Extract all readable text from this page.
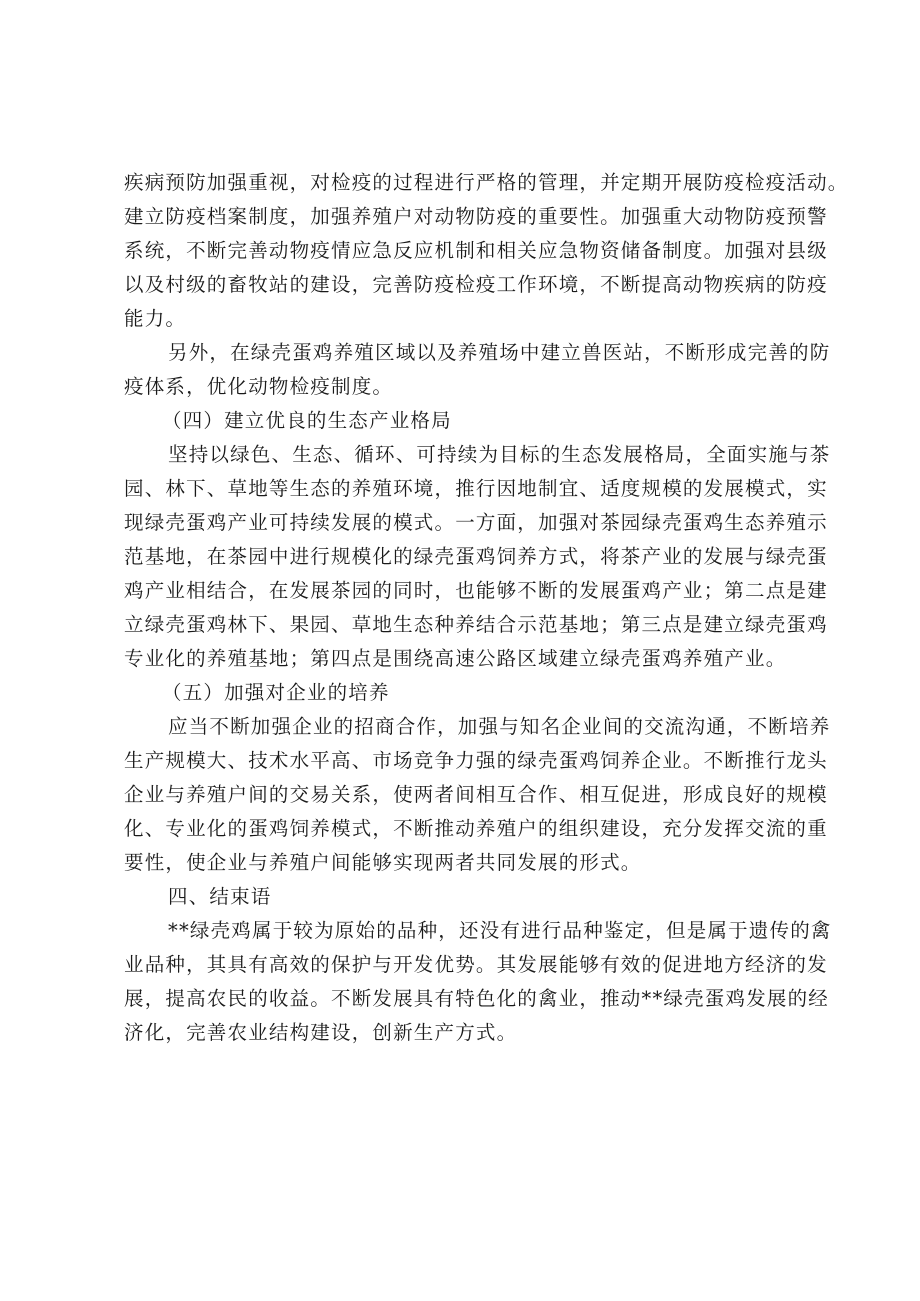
疾病预防加强重视，对检疫的过程进行严格的管理，并定期开展防疫检疫活动。
建立防疫档案制度，加强养殖户对动物防疫的重要性。加强重大动物防疫预警
系统，不断完善动物疫情应急反应机制和相关应急物资储备制度。加强对县级
以及村级的畜牧站的建设，完善防疫检疫工作环境，不断提高动物疾病的防疫
能力。

另外，在绿壳蛋鸡养殖区域以及养殖场中建立兽医站，不断形成完善的防
疫体系，优化动物检疫制度。

（四）建立优良的生态产业格局

坚持以绿色、生态、循环、可持续为目标的生态发展格局，全面实施与茶
园、林下、草地等生态的养殖环境，推行因地制宜、适度规模的发展模式，实
现绿壳蛋鸡产业可持续发展的模式。一方面，加强对茶园绿壳蛋鸡生态养殖示
范基地，在茶园中进行规模化的绿壳蛋鸡饲养方式，将茶产业的发展与绿壳蛋
鸡产业相结合，在发展茶园的同时，也能够不断的发展蛋鸡产业；第二点是建
立绿壳蛋鸡林下、果园、草地生态种养结合示范基地；第三点是建立绿壳蛋鸡
专业化的养殖基地；第四点是围绕高速公路区域建立绿壳蛋鸡养殖产业。

（五）加强对企业的培养

应当不断加强企业的招商合作，加强与知名企业间的交流沟通，不断培养
生产规模大、技术水平高、市场竞争力强的绿壳蛋鸡饲养企业。不断推行龙头
企业与养殖户间的交易关系，使两者间相互合作、相互促进，形成良好的规模
化、专业化的蛋鸡饲养模式，不断推动养殖户的组织建设，充分发挥交流的重
要性，使企业与养殖户间能够实现两者共同发展的形式。

四、结束语

**绿壳鸡属于较为原始的品种，还没有进行品种鉴定，但是属于遗传的禽
业品种，其具有高效的保护与开发优势。其发展能够有效的促进地方经济的发
展，提高农民的收益。不断发展具有特色化的禽业，推动**绿壳蛋鸡发展的经
济化，完善农业结构建设，创新生产方式。
